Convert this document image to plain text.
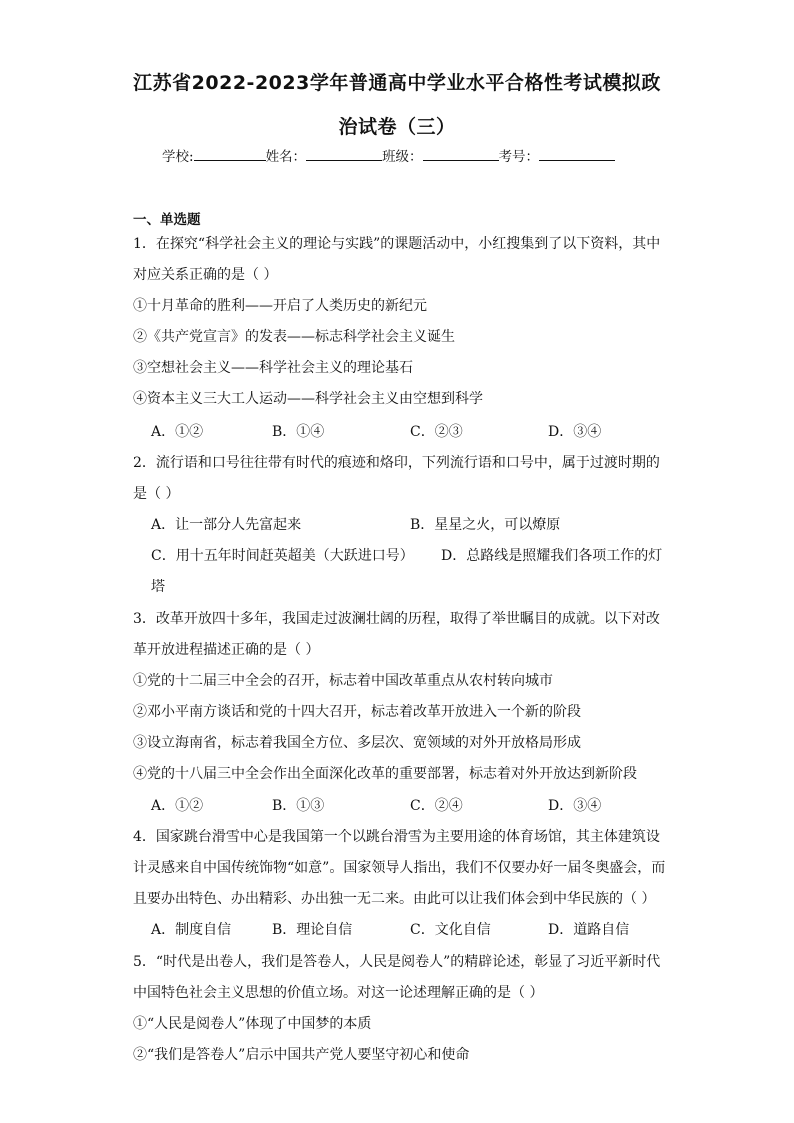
江苏省2022-2023学年普通高中学业水平合格性考试模拟政
治试卷（三）
学校:	姓名：	班级：	考号：
一、单选题
1．在探究“科学社会主义的理论与实践”的课题活动中，小红搜集到了以下资料，其中
对应关系正确的是（ ）
①十月革命的胜利——开启了人类历史的新纪元
②《共产党宣言》的发表——标志科学社会主义诞生
③空想社会主义——科学社会主义的理论基石
④资本主义三大工人运动——科学社会主义由空想到科学
A．①②	B．①④	C．②③	D．③④
2．流行语和口号往往带有时代的痕迹和烙印，下列流行语和口号中，属于过渡时期的
是（ ）
A．让一部分人先富起来	B．星星之火，可以燎原
C．用十五年时间赶英超美（大跃进口号） D．总路线是照耀我们各项工作的灯
塔
3．改革开放四十多年，我国走过波澜壮阔的历程，取得了举世瞩目的成就。以下对改
革开放进程描述正确的是（ ）
①党的十二届三中全会的召开，标志着中国改革重点从农村转向城市
②邓小平南方谈话和党的十四大召开，标志着改革开放进入一个新的阶段
③设立海南省，标志着我国全方位、多层次、宽领域的对外开放格局形成
④党的十八届三中全会作出全面深化改革的重要部署，标志着对外开放达到新阶段
A．①②	B．①③	C．②④	D．③④
4．国家跳台滑雪中心是我国第一个以跳台滑雪为主要用途的体育场馆，其主体建筑设
计灵感来自中国传统饰物“如意”。国家领导人指出，我们不仅要办好一届冬奥盛会，而
且要办出特色、办出精彩、办出独一无二来。由此可以让我们体会到中华民族的（ ）
A．制度自信	B．理论自信	C．文化自信	D．道路自信
5．“时代是出卷人，我们是答卷人，人民是阅卷人”的精辟论述，彰显了习近平新时代
中国特色社会主义思想的价值立场。对这一论述理解正确的是（ ）
①“人民是阅卷人”体现了中国梦的本质
②“我们是答卷人”启示中国共产党人要坚守初心和使命
